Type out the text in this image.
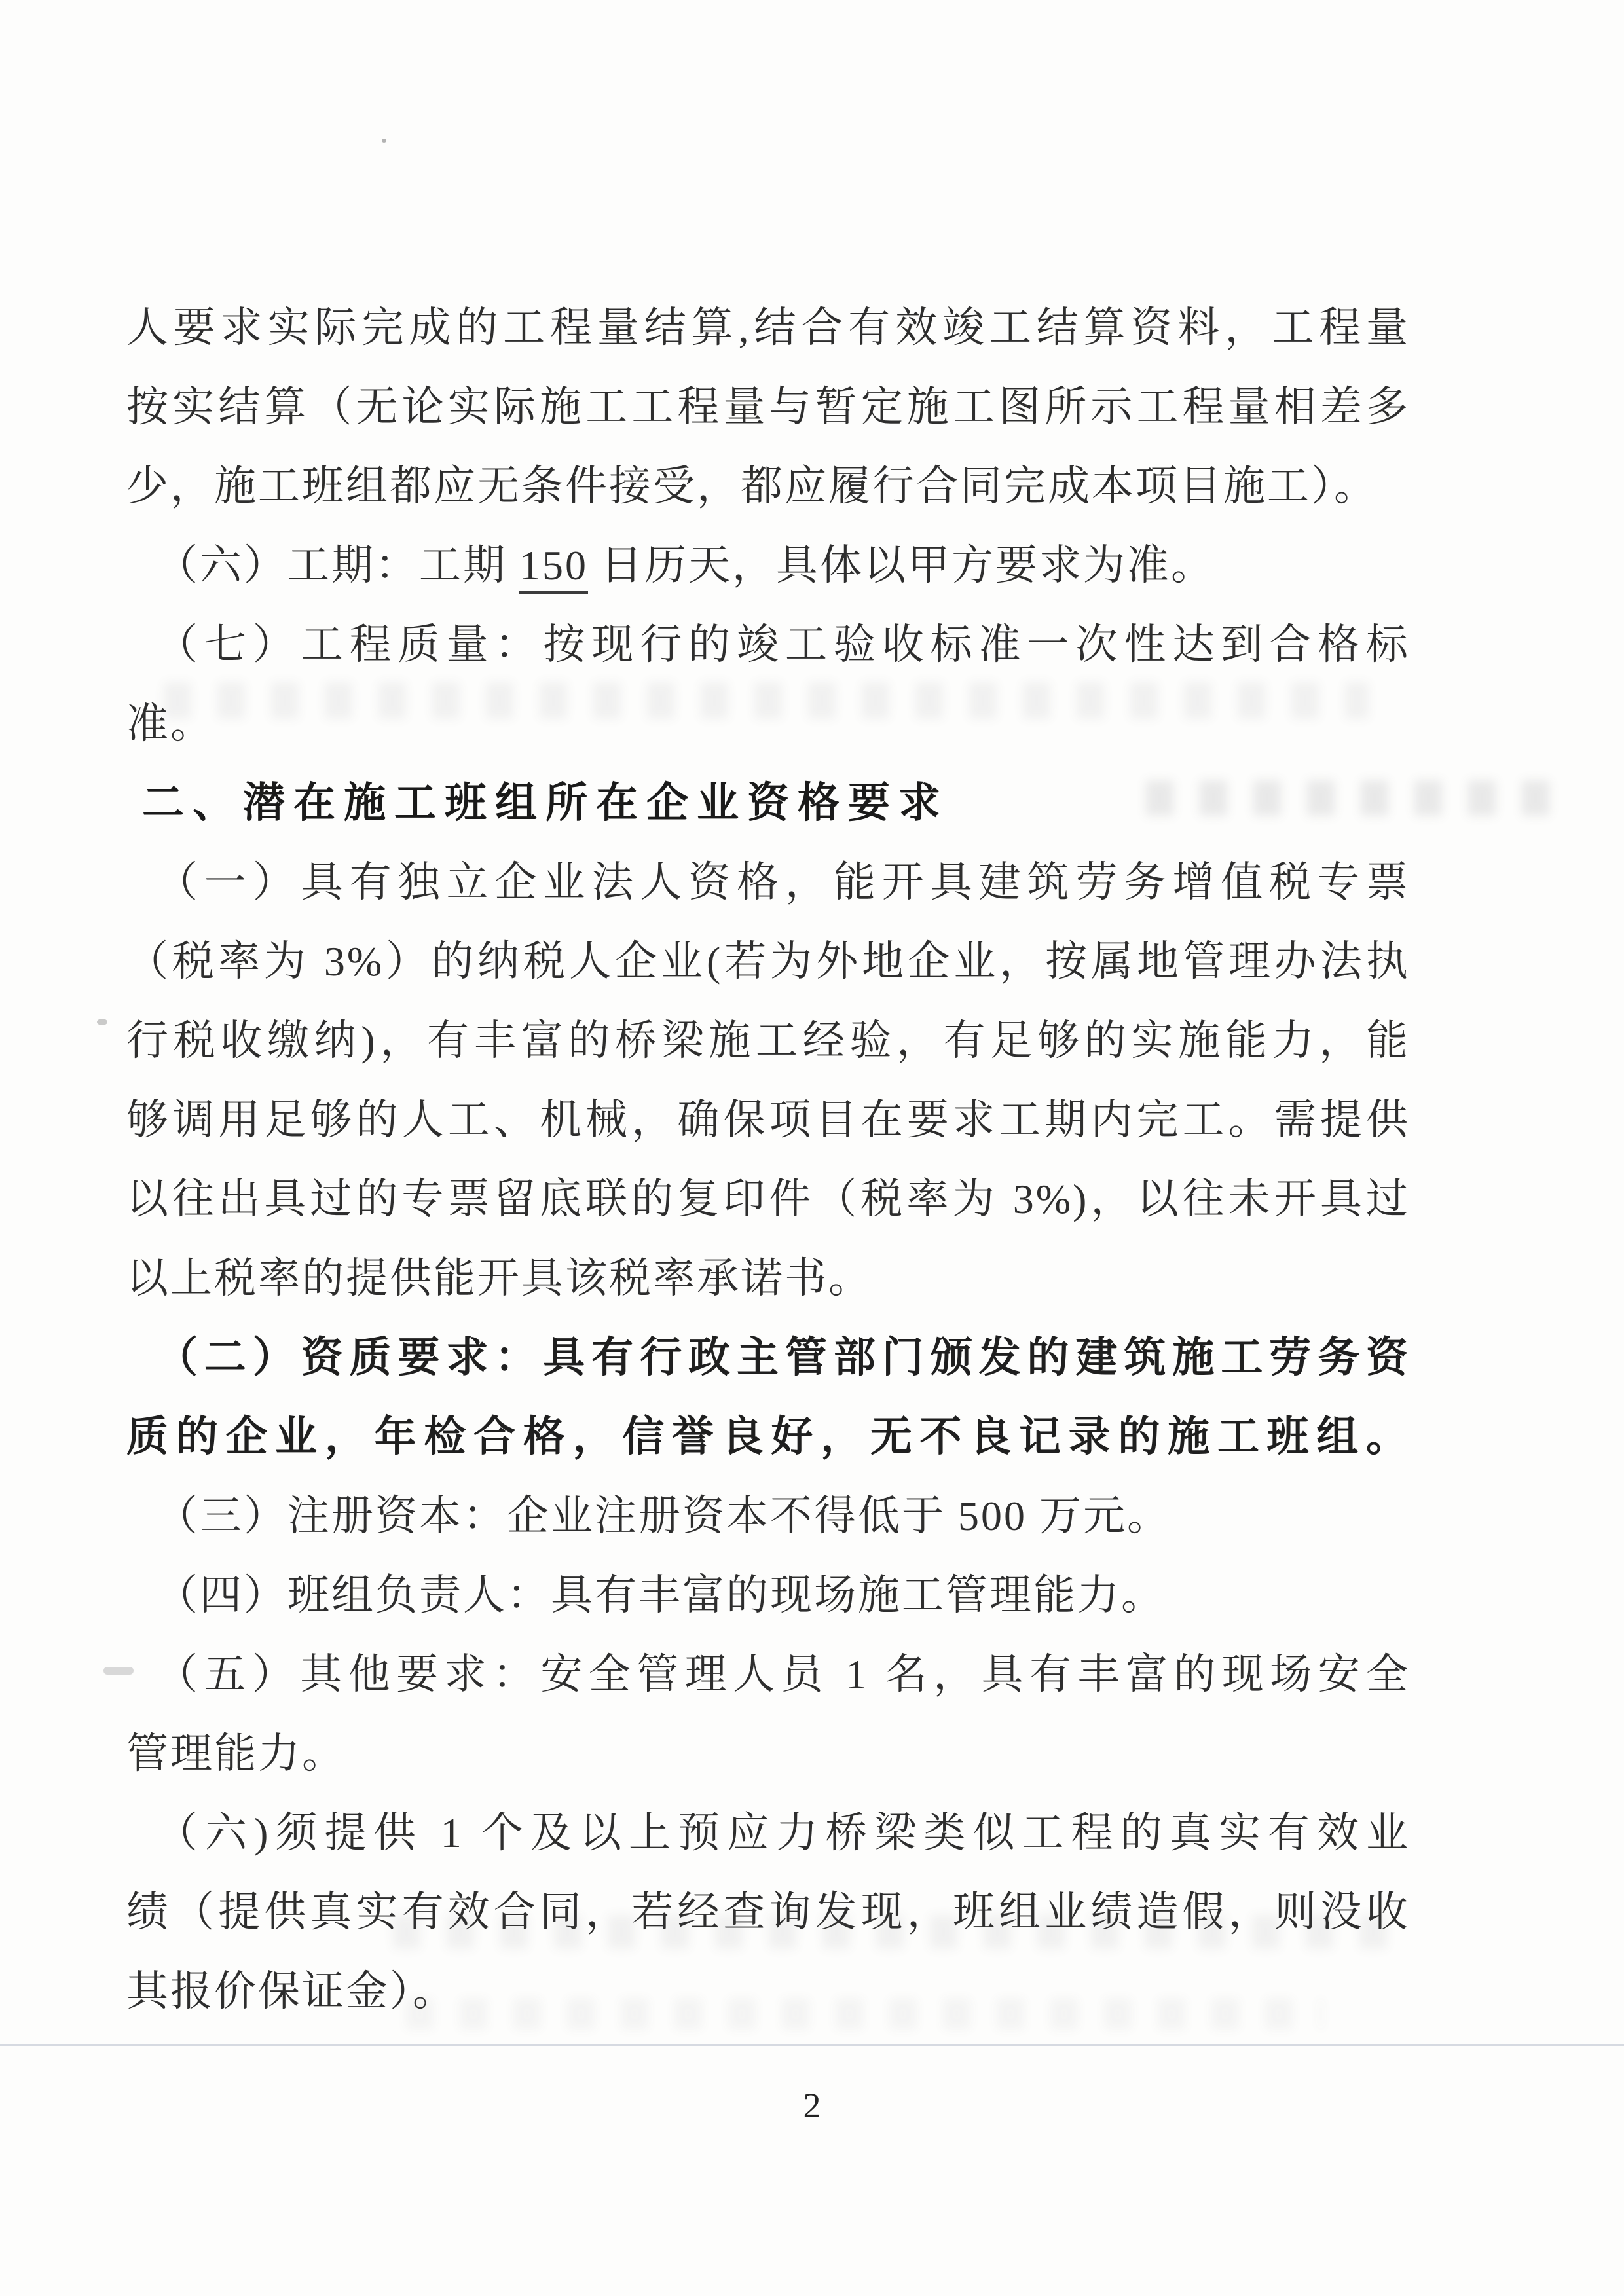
人要求实际完成的工程量结算,结合有效竣工结算资料，工程量
按实结算（无论实际施工工程量与暂定施工图所示工程量相差多
少，施工班组都应无条件接受，都应履行合同完成本项目施工）。
（六）工期：工期 150 日历天，具体以甲方要求为准。
（七）工程质量：按现行的竣工验收标准一次性达到合格标
准。
二、潜在施工班组所在企业资格要求
（一）具有独立企业法人资格，能开具建筑劳务增值税专票
（税率为 3%）的纳税人企业(若为外地企业，按属地管理办法执
行税收缴纳)，有丰富的桥梁施工经验，有足够的实施能力，能
够调用足够的人工、机械，确保项目在要求工期内完工。需提供
以往出具过的专票留底联的复印件（税率为 3%)，以往未开具过
以上税率的提供能开具该税率承诺书。
（二）资质要求：具有行政主管部门颁发的建筑施工劳务资
质的企业，年检合格，信誉良好，无不良记录的施工班组。
（三）注册资本：企业注册资本不得低于 500 万元。
（四）班组负责人：具有丰富的现场施工管理能力。
（五）其他要求：安全管理人员 1 名，具有丰富的现场安全
管理能力。
（六)须提供 1 个及以上预应力桥梁类似工程的真实有效业
绩（提供真实有效合同，若经查询发现，班组业绩造假，则没收
其报价保证金）。
2
